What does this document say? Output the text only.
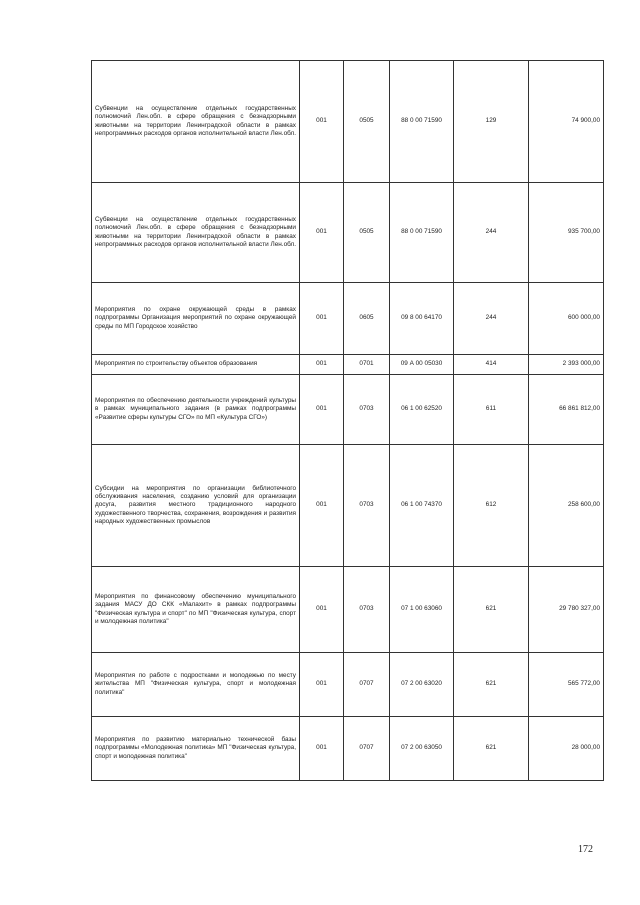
Субвенции на осуществление отдельных государственных полномочий Лен.обл. в сфере обращения с безнадзорными животными на территории Ленинградской области в рамках непрограммных расходов органов исполнительной власти Лен.обл.	001	0505	88 0 00 71590	129	74 900,00
Субвенции на осуществление отдельных государственных полномочий Лен.обл. в сфере обращения с безнадзорными животными на территории Ленинградской области в рамках непрограммных расходов органов исполнительной власти Лен.обл.	001	0505	88 0 00 71590	244	935 700,00
Мероприятия по охране окружающей среды в рамках подпрограммы Организация мероприятий по охране окружающей среды по МП Городское хозяйство	001	0605	09 8 00 64170	244	600 000,00
Мероприятия по строительству объектов образования	001	0701	09 А 00 05030	414	2 393 000,00
Мероприятия по обеспечению деятельности учреждений культуры в рамках муниципального задания (в рамках подпрограммы «Развитие сферы культуры СГО» по МП «Культура СГО»)	001	0703	06 1 00 62520	611	66 861 812,00
Субсидии на мероприятия по организации библиотечного обслуживания населения, созданию условий для организации досуга, развития местного традиционного народного художественного творчества, сохранения, возрождения и развития народных художественных промыслов	001	0703	06 1 00 74370	612	258 600,00
Мероприятия по финансовому обеспечению муниципального задания МАСУ ДО СКК «Малахит» в рамках подпрограммы "Физическая культура и спорт" по МП "Физическая культура, спорт и молодежная политика"	001	0703	07 1 00 63060	621	29 780 327,00
Мероприятия по работе с подростками и молодежью по месту жительства МП "Физическая культура, спорт и молодежная политика"	001	0707	07 2 00 63020	621	565 772,00
Мероприятия по развитию материально технической базы подпрограммы «Молодежная политика» МП "Физическая культура, спорт и молодежная политика"	001	0707	07 2 00 63050	621	28 000,00
172
